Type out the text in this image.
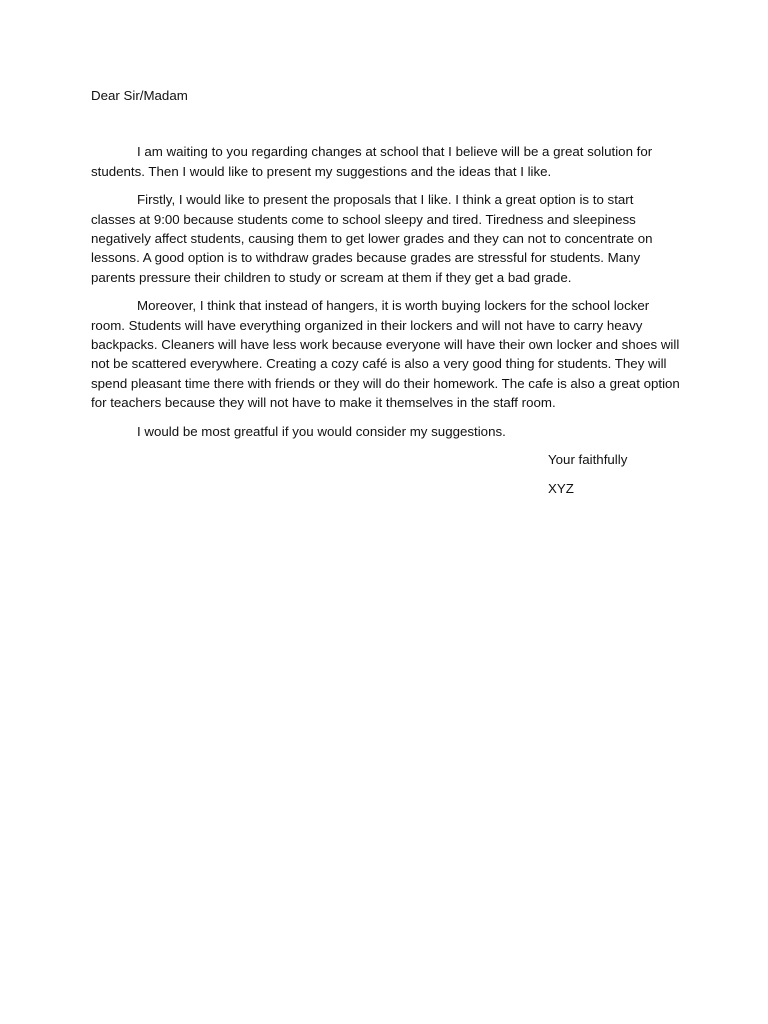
Dear Sir/Madam

I am waiting to you regarding changes at school that I believe will be a great solution for students. Then I would like to present my suggestions and the ideas that I like.

Firstly, I would like to present the proposals that I like. I think a great option is to start classes at 9:00 because students come to school sleepy and tired. Tiredness and sleepiness negatively affect students, causing them to get lower grades and they can not to concentrate on lessons. A good option is to withdraw grades because grades are stressful for students. Many parents pressure their children to study or scream at them if they get a bad grade.

Moreover, I think that instead of hangers, it is worth buying lockers for the school locker room. Students will have everything organized in their lockers and will not have to carry heavy backpacks. Cleaners will have less work because everyone will have their own locker and shoes will not be scattered everywhere. Creating a cozy café is also a very good thing for students. They will spend pleasant time there with friends or they will do their homework. The cafe is also a great option for teachers because they will not have to make it themselves in the staff room.

I would be most greatful if you would consider my suggestions.

Your faithfully

XYZ
